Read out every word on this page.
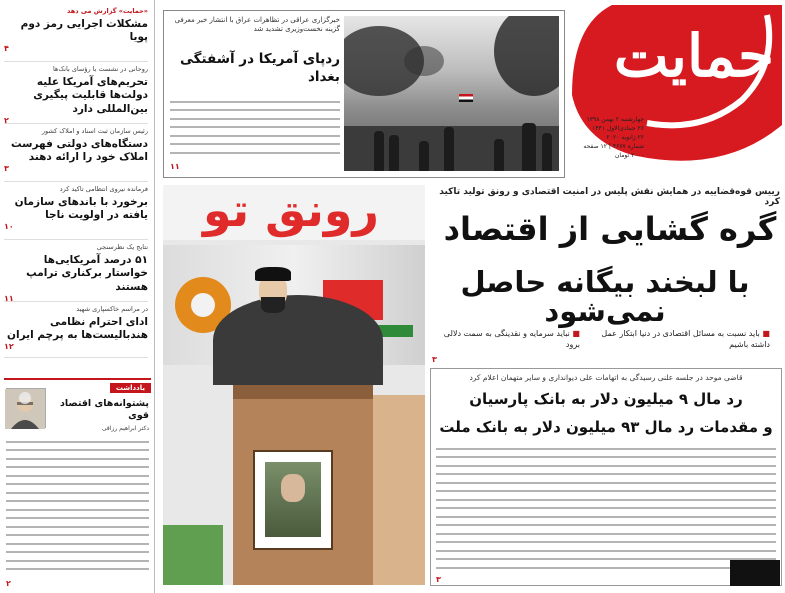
«حمایت» گزارش می دهد
مشکلات اجرایی رمز دوم پویا
۴
روحانی در نشست با رؤسای بانک‌ها
تحریم‌های آمریکا علیه دولت‌ها قابلیت پیگیری بین‌المللی دارد
۲
رئیس سازمان ثبت اسناد و املاک کشور
دستگاه‌های دولتی فهرست املاک خود را ارائه دهند
۳
فرمانده نیروی انتظامی تاکید کرد
برخورد با باندهای سازمان یافته در اولویت ناجا
۱۰
نتایج یک نظرسنجی
۵۱ درصد آمریکایی‌ها خواستار برکناری ترامپ هستند
۱۱
در مراسم خاکسپاری شهید
ادای احترام نظامی هندبالیست‌ها به پرچم ایران
۱۲
یادداشت
پشتوانه‌های اقتصاد قوی
دکتر ابراهیم رزاقی
۲
خبرگزاری عراقی در تظاهرات عراق با انتشار خبر معرفی گزینه نخست‌وزیری تشدید شد
ردپای آمریکا در آشفتگی بغداد
۱۱
حمایت
چهارشنبه ۲ بهمن ۱۳۹۸
۲۶ جمادی‌الاول ۱۴۴۱
۲۲ ژانویه ۲۰۲۰
شماره ۴۶۷۷ | ۱۲ صفحه
۲۰۰۰ تومان
رییس قوه‌قضاییه در همایش نقش پلیس در امنیت اقتصادی و رونق تولید تاکید کرد
گره گشایی از اقتصاد
با لبخند بیگانه حاصل نمی‌شود
■ باید نسبت به مسائل اقتصادی در دنیا ابتکار عمل داشته باشیم
■ نباید سرمایه و نقدینگی به سمت دلالی برود
۳
رونق تو
قاضی موحد در جلسه علنی رسیدگی به اتهامات علی دیوانداری و سایر متهمان اعلام کرد
رد مال ۹ میلیون دلار به بانک پارسیان
و مقدمات رد مال ۹۳ میلیون دلار به بانک ملت
۳
